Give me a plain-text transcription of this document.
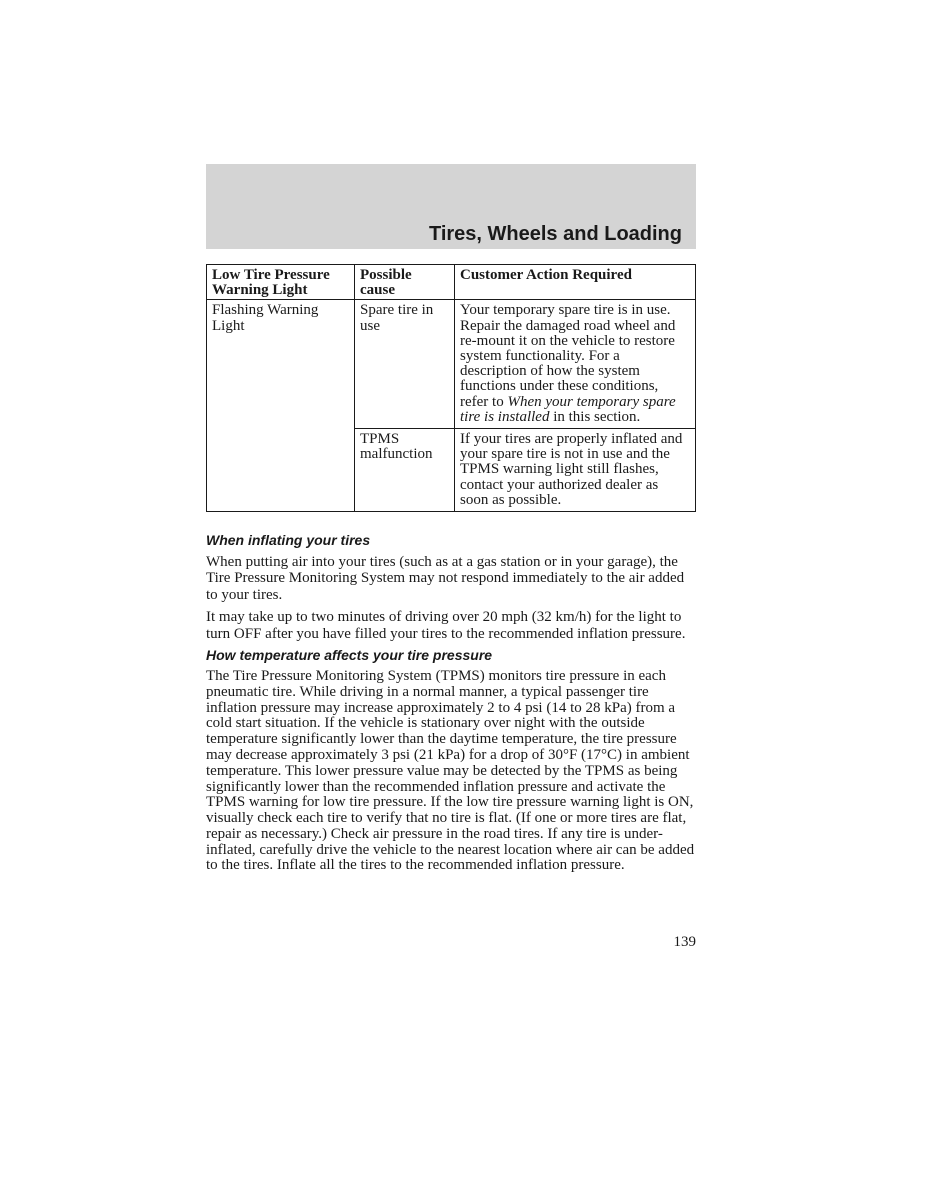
Tires, Wheels and Loading
Low Tire Pressure Warning Light	Possible cause	Customer Action Required
Flashing Warning Light	Spare tire in use	Your temporary spare tire is in use. Repair the damaged road wheel and re-mount it on the vehicle to restore system functionality. For a description of how the system functions under these conditions, refer to When your temporary spare tire is installed in this section.
	TPMS malfunction	If your tires are properly inflated and your spare tire is not in use and the TPMS warning light still flashes, contact your authorized dealer as soon as possible.
When inflating your tires

When putting air into your tires (such as at a gas station or in your garage), the Tire Pressure Monitoring System may not respond immediately to the air added to your tires.

It may take up to two minutes of driving over 20 mph (32 km/h) for the light to turn OFF after you have filled your tires to the recommended inflation pressure.

How temperature affects your tire pressure

The Tire Pressure Monitoring System (TPMS) monitors tire pressure in each pneumatic tire. While driving in a normal manner, a typical passenger tire inflation pressure may increase approximately 2 to 4 psi (14 to 28 kPa) from a cold start situation. If the vehicle is stationary over night with the outside temperature significantly lower than the daytime temperature, the tire pressure may decrease approximately 3 psi (21 kPa) for a drop of 30°F (17°C) in ambient temperature. This lower pressure value may be detected by the TPMS as being significantly lower than the recommended inflation pressure and activate the TPMS warning for low tire pressure. If the low tire pressure warning light is ON, visually check each tire to verify that no tire is flat. (If one or more tires are flat, repair as necessary.) Check air pressure in the road tires. If any tire is under-inflated, carefully drive the vehicle to the nearest location where air can be added to the tires. Inflate all the tires to the recommended inflation pressure.

139
